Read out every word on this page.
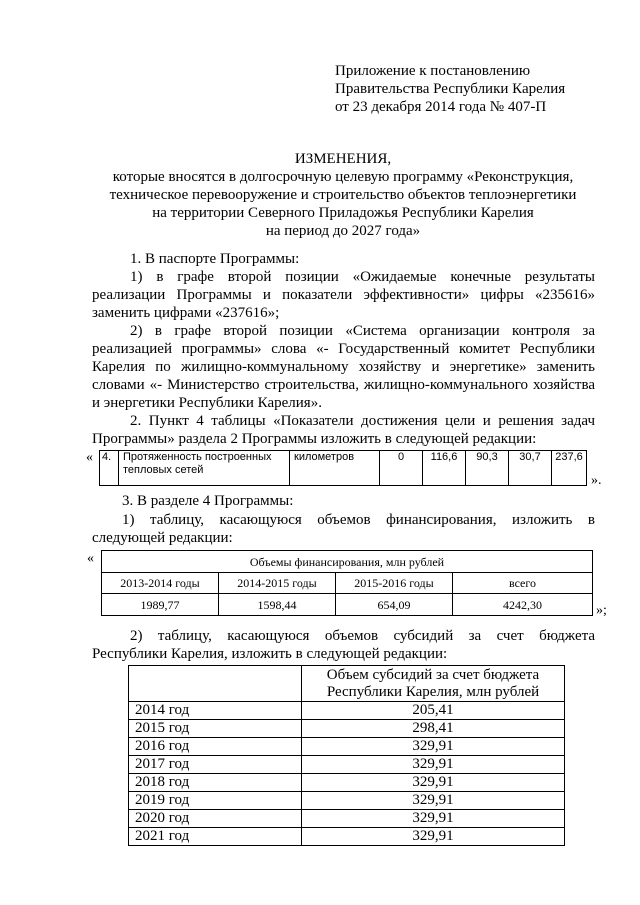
Приложение к постановлению
Правительства Республики Карелия
от 23 декабря 2014 года № 407-П
ИЗМЕНЕНИЯ,
которые вносятся в долгосрочную целевую программу «Реконструкция,
техническое перевооружение и строительство объектов теплоэнергетики
на территории Северного Приладожья Республики Карелия
на период до 2027 года»
1. В паспорте Программы:
1) в графе второй позиции «Ожидаемые конечные результаты
реализации Программы и показатели эффективности» цифры «235616»
заменить цифрами «237616»;
2) в графе второй позиции «Система организации контроля за
реализацией программы» слова «- Государственный комитет Республики
Карелия по жилищно-коммунальному хозяйству и энергетике» заменить
словами «- Министерство строительства, жилищно-коммунального хозяйства
и энергетики Республики Карелия».
2. Пункт 4 таблицы «Показатели достижения цели и решения задач
Программы» раздела 2 Программы изложить в следующей редакции:
« 4.	Протяженность построенных тепловых сетей	километров	0	116,6	90,3	30,7	237,6
».
3. В разделе 4 Программы:
1) таблицу, касающуюся объемов финансирования, изложить в
следующей редакции:
«	Объемы финансирования, млн рублей			
2013-2014 годы	2014-2015 годы	2015-2016 годы	всего
1989,77	1598,44	654,09	4242,30	»;
2) таблицу, касающуюся объемов субсидий за счет бюджета
Республики Карелия, изложить в следующей редакции:

	Объем субсидий за счет бюджета
Республики Карелия, млн рублей

2014 год	205,41
2015 год	298,41
2016 год	329,91
2017 год	329,91
2018 год	329,91
2019 год	329,91
2020 год	329,91
2021 год	329,91
